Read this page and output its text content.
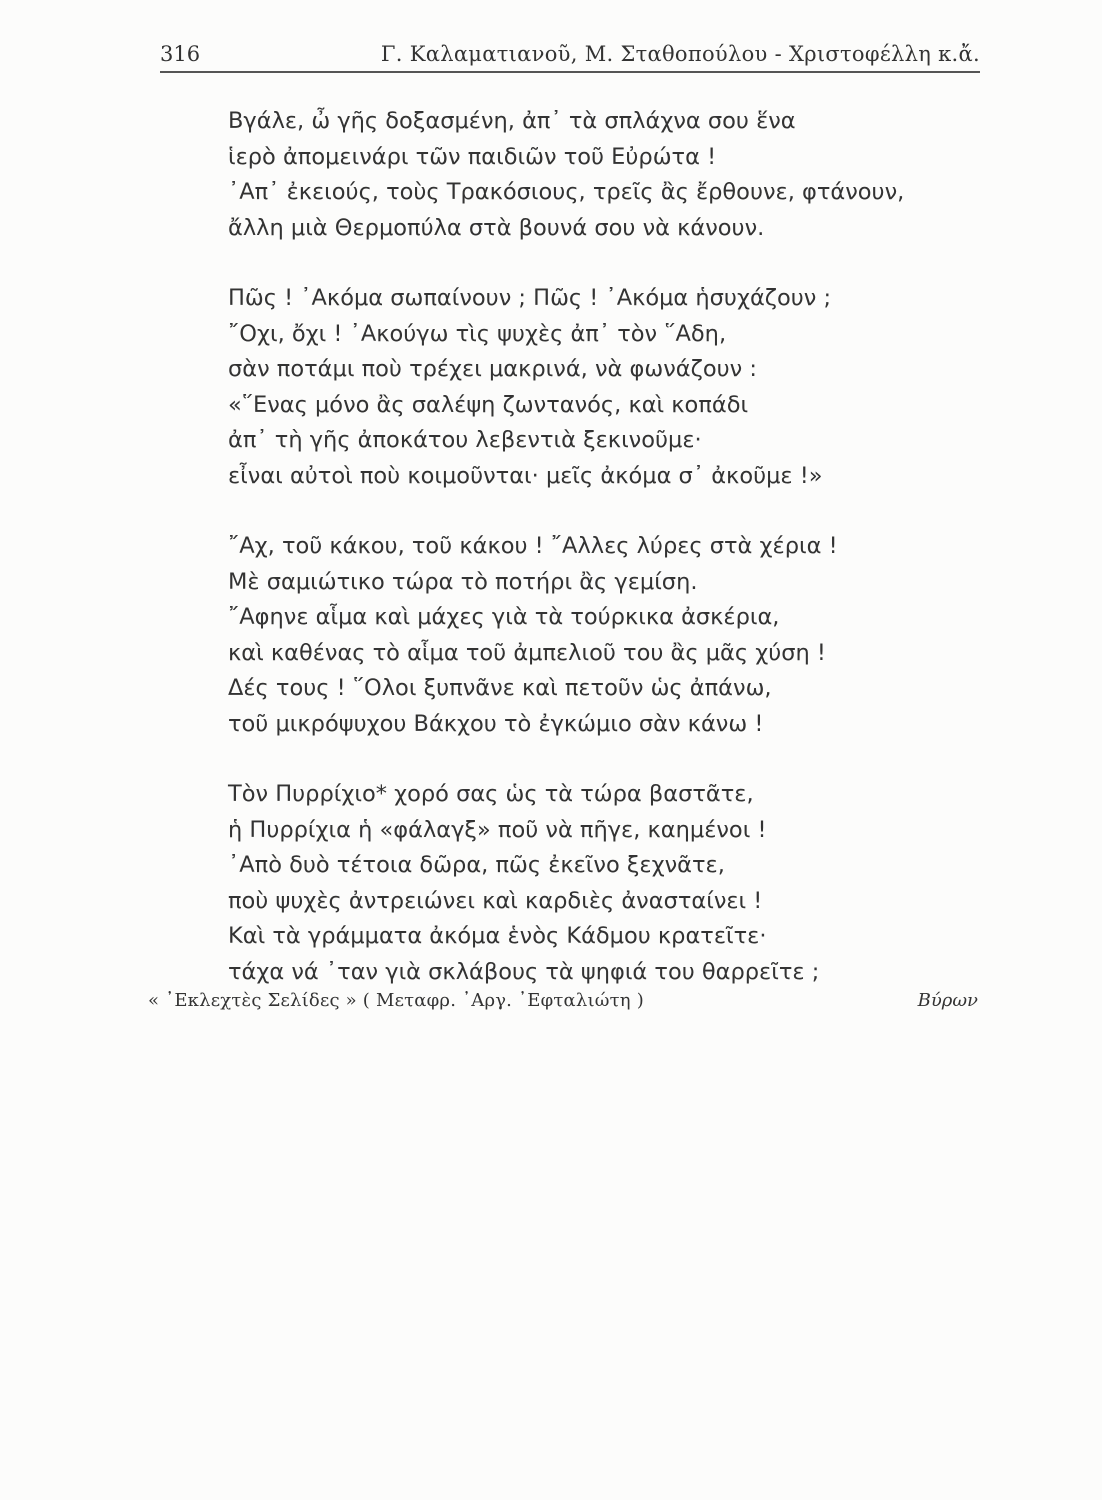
316	Γ. Καλαματιανοῦ, Μ. Σταθοπούλου - Χριστοφέλλη κ.ἄ.
Βγάλε, ὦ γῆς δοξασμένη, ἀπ᾿ τὰ σπλάχνα σου ἕνα
ἱερὸ ἀπομεινάρι τῶν παιδιῶν τοῦ Εὐρώτα !
᾿Απ᾿ ἐκειούς, τοὺς Τρακόσιους, τρεῖς ἂς ἔρθουνε, φτάνουν,
ἄλλη μιὰ Θερμοπύλα στὰ βουνά σου νὰ κάνουν.
Πῶς ! ᾿Ακόμα σωπαίνουν ; Πῶς ! ᾿Ακόμα ἡσυχάζουν ;
῎Οχι, ὄχι ! ᾿Ακούγω τὶς ψυχὲς ἀπ᾿ τὸν ῞Αδη,
σὰν ποτάμι ποὺ τρέχει μακρινά, νὰ φωνάζουν :
«῞Ενας μόνο ἂς σαλέψη ζωντανός, καὶ κοπάδι
ἀπ᾿ τὴ γῆς ἀποκάτου λεβεντιὰ ξεκινοῦμε·
εἶναι αὐτοὶ ποὺ κοιμοῦνται· μεῖς ἀκόμα σ᾿ ἀκοῦμε !»
῎Αχ, τοῦ κάκου, τοῦ κάκου ! ῎Αλλες λύρες στὰ χέρια !
Μὲ σαμιώτικο τώρα τὸ ποτήρι ἂς γεμίση.
῎Αφηνε αἷμα καὶ μάχες γιὰ τὰ τούρκικα ἀσκέρια,
καὶ καθένας τὸ αἷμα τοῦ ἀμπελιοῦ του ἂς μᾶς χύση !
Δές τους ! ῞Ολοι ξυπνᾶνε καὶ πετοῦν ὡς ἀπάνω,
τοῦ μικρόψυχου Βάκχου τὸ ἐγκώμιο σὰν κάνω !
Τὸν Πυρρίχιο* χορό σας ὡς τὰ τώρα βαστᾶτε,
ἡ Πυρρίχια ἡ «φάλαγξ» ποῦ νὰ πῆγε, καημένοι !
᾿Απὸ δυὸ τέτοια δῶρα, πῶς ἐκεῖνο ξεχνᾶτε,
ποὺ ψυχὲς ἀντρειώνει καὶ καρδιὲς ἀνασταίνει !
Καὶ τὰ γράμματα ἀκόμα ἑνὸς Κάδμου κρατεῖτε·
τάχα νά ᾿ταν γιὰ σκλάβους τὰ ψηφιά του θαρρεῖτε ;
« ᾿Εκλεχτὲς Σελίδες » ( Μεταφρ. ᾿Αργ. ᾿Εφταλιώτη )	Βύρων
